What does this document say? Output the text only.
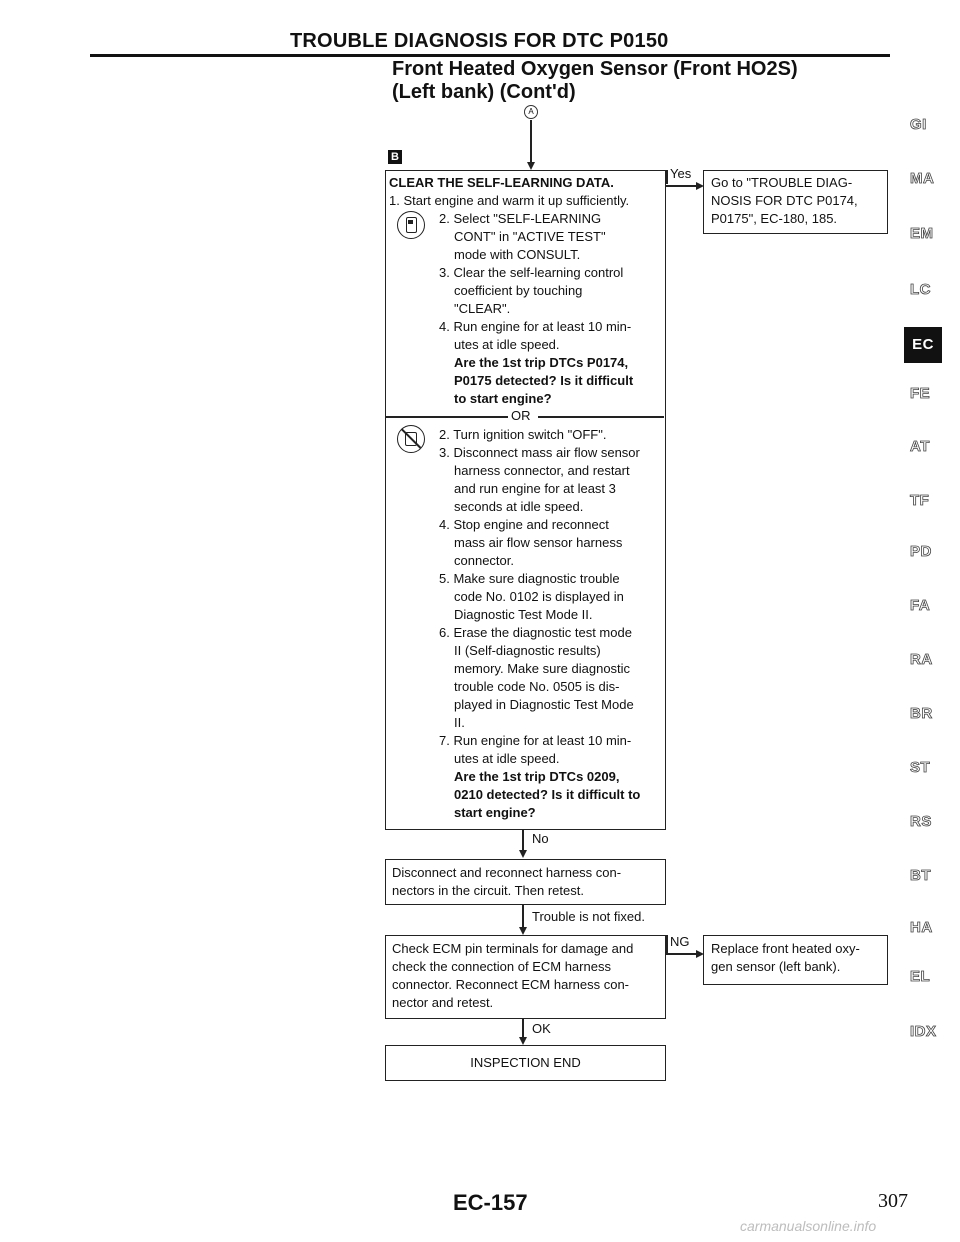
TROUBLE DIAGNOSIS FOR DTC P0150
Front Heated Oxygen Sensor (Front HO2S)
(Left bank) (Cont'd)
A
B
CLEAR THE SELF-LEARNING DATA.
1. Start engine and warm it up sufficiently.
2. Select "SELF-LEARNING
CONT" in "ACTIVE TEST"
mode with CONSULT.
3. Clear the self-learning control
coefficient by touching
"CLEAR".
4. Run engine for at least 10 min-
utes at idle speed.
Are the 1st trip DTCs P0174,
P0175 detected? Is it difficult
to start engine?
OR
2. Turn ignition switch "OFF".
3. Disconnect mass air flow sensor
harness connector, and restart
and run engine for at least 3
seconds at idle speed.
4. Stop engine and reconnect
mass air flow sensor harness
connector.
5. Make sure diagnostic trouble
code No. 0102 is displayed in
Diagnostic Test Mode II.
6. Erase the diagnostic test mode
II (Self-diagnostic results)
memory. Make sure diagnostic
trouble code No. 0505 is dis-
played in Diagnostic Test Mode
II.
7. Run engine for at least 10 min-
utes at idle speed.
Are the 1st trip DTCs 0209,
0210 detected? Is it difficult to
start engine?
Yes
Go to "TROUBLE DIAG-
NOSIS FOR DTC P0174,
P0175", EC-180, 185.
No
Disconnect and reconnect harness con-
nectors in the circuit. Then retest.
Trouble is not fixed.
Check ECM pin terminals for damage and
check the connection of ECM harness
connector. Reconnect ECM harness con-
nector and retest.
NG Replace front heated oxy-
gen sensor (left bank).
OK
INSPECTION END
GI
MA
EM
LC
EC
FE
AT
TF
PD
FA
RA
BR
ST
RS
BT
HA
EL
IDX
EC-157	307
carmanualsonline.info
